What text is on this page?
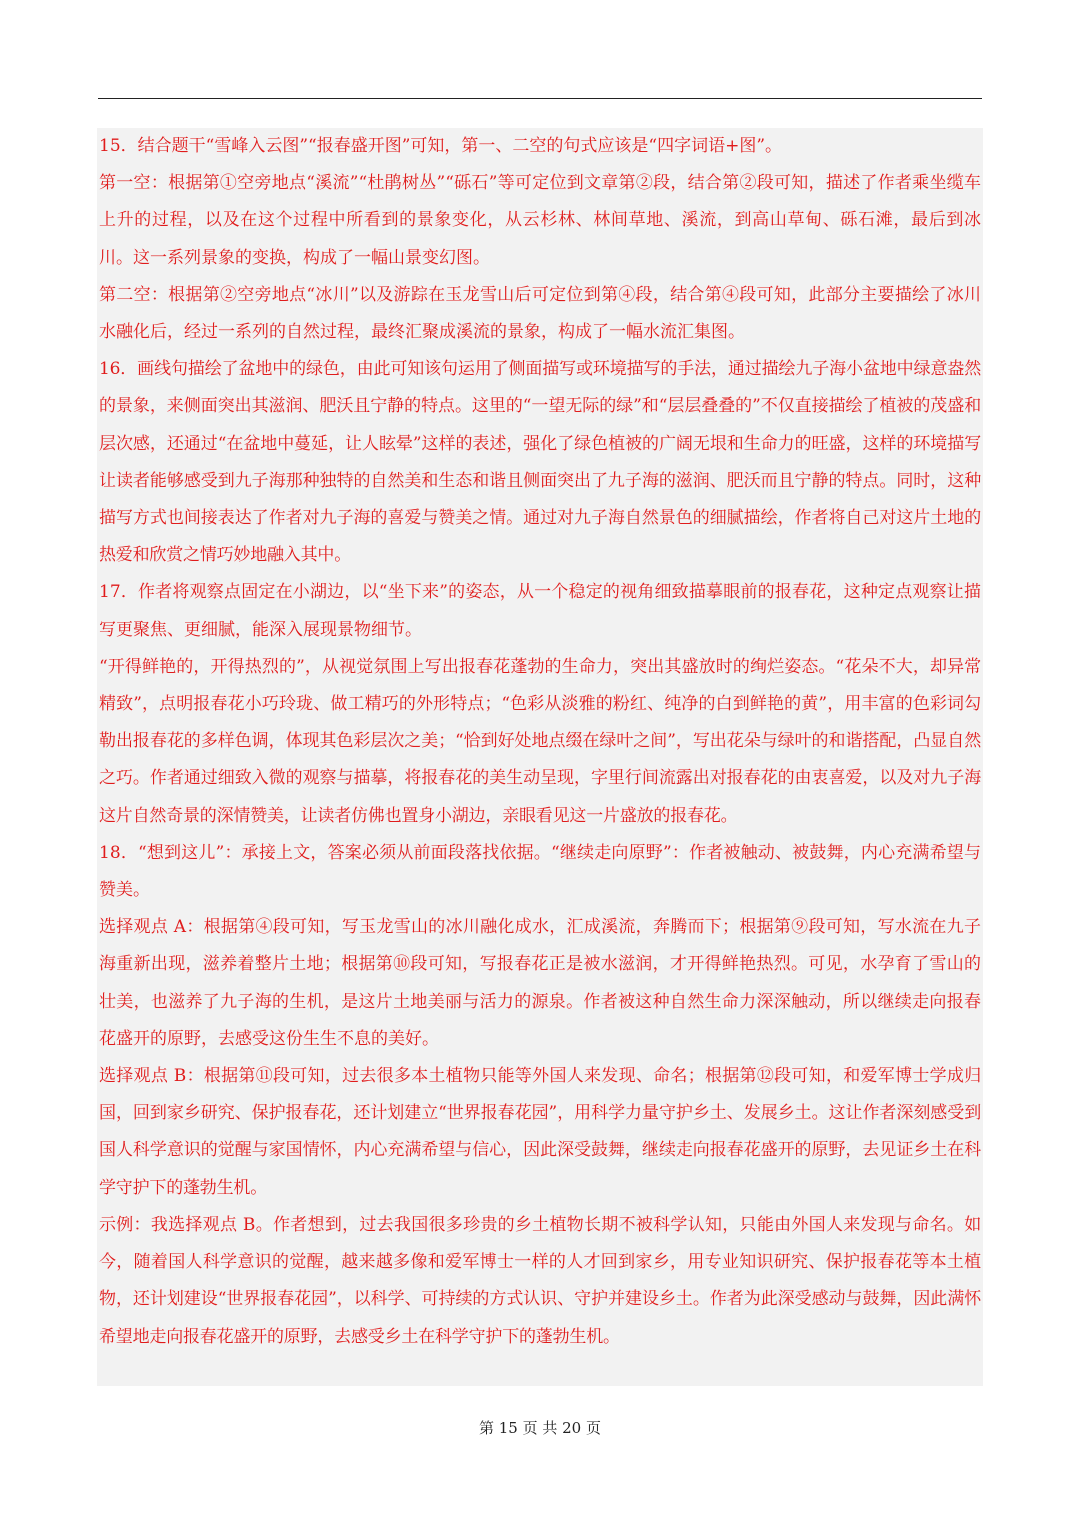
15．结合题干“雪峰入云图”“报春盛开图”可知，第一、二空的句式应该是“四字词语+图”。

第一空：根据第①空旁地点“溪流”“杜鹃树丛”“砾石”等可定位到文章第②段，结合第②段可知，描述了作者乘坐缆车上升的过程，以及在这个过程中所看到的景象变化，从云杉林、林间草地、溪流，到高山草甸、砾石滩，最后到冰川。这一系列景象的变换，构成了一幅山景变幻图。

第二空：根据第②空旁地点“冰川”以及游踪在玉龙雪山后可定位到第④段，结合第④段可知，此部分主要描绘了冰川水融化后，经过一系列的自然过程，最终汇聚成溪流的景象，构成了一幅水流汇集图。

16．画线句描绘了盆地中的绿色，由此可知该句运用了侧面描写或环境描写的手法，通过描绘九子海小盆地中绿意盎然的景象，来侧面突出其滋润、肥沃且宁静的特点。这里的“一望无际的绿”和“层层叠叠的”不仅直接描绘了植被的茂盛和层次感，还通过“在盆地中蔓延，让人眩晕”这样的表述，强化了绿色植被的广阔无垠和生命力的旺盛，这样的环境描写让读者能够感受到九子海那种独特的自然美和生态和谐且侧面突出了九子海的滋润、肥沃而且宁静的特点。同时，这种描写方式也间接表达了作者对九子海的喜爱与赞美之情。通过对九子海自然景色的细腻描绘，作者将自己对这片土地的热爱和欣赏之情巧妙地融入其中。

17．作者将观察点固定在小湖边，以“坐下来”的姿态，从一个稳定的视角细致描摹眼前的报春花，这种定点观察让描写更聚焦、更细腻，能深入展现景物细节。

“开得鲜艳的，开得热烈的”，从视觉氛围上写出报春花蓬勃的生命力，突出其盛放时的绚烂姿态。“花朵不大，却异常精致”，点明报春花小巧玲珑、做工精巧的外形特点；“色彩从淡雅的粉红、纯净的白到鲜艳的黄”，用丰富的色彩词勾勒出报春花的多样色调，体现其色彩层次之美；“恰到好处地点缀在绿叶之间”，写出花朵与绿叶的和谐搭配，凸显自然之巧。作者通过细致入微的观察与描摹，将报春花的美生动呈现，字里行间流露出对报春花的由衷喜爱，以及对九子海这片自然奇景的深情赞美，让读者仿佛也置身小湖边，亲眼看见这一片盛放的报春花。

18．“想到这儿”：承接上文，答案必须从前面段落找依据。“继续走向原野”：作者被触动、被鼓舞，内心充满希望与赞美。

选择观点 A：根据第④段可知，写玉龙雪山的冰川融化成水，汇成溪流，奔腾而下；根据第⑨段可知，写水流在九子海重新出现，滋养着整片土地；根据第⑩段可知，写报春花正是被水滋润，才开得鲜艳热烈。可见，水孕育了雪山的壮美，也滋养了九子海的生机，是这片土地美丽与活力的源泉。作者被这种自然生命力深深触动，所以继续走向报春花盛开的原野，去感受这份生生不息的美好。

选择观点 B：根据第⑪段可知，过去很多本土植物只能等外国人来发现、命名；根据第⑫段可知，和爱军博士学成归国，回到家乡研究、保护报春花，还计划建立“世界报春花园”，用科学力量守护乡土、发展乡土。这让作者深刻感受到国人科学意识的觉醒与家国情怀，内心充满希望与信心，因此深受鼓舞，继续走向报春花盛开的原野，去见证乡土在科学守护下的蓬勃生机。

示例：我选择观点 B。作者想到，过去我国很多珍贵的乡土植物长期不被科学认知，只能由外国人来发现与命名。如今，随着国人科学意识的觉醒，越来越多像和爱军博士一样的人才回到家乡，用专业知识研究、保护报春花等本土植物，还计划建设“世界报春花园”，以科学、可持续的方式认识、守护并建设乡土。作者为此深受感动与鼓舞，因此满怀希望地走向报春花盛开的原野，去感受乡土在科学守护下的蓬勃生机。

第 15 页 共 20 页
